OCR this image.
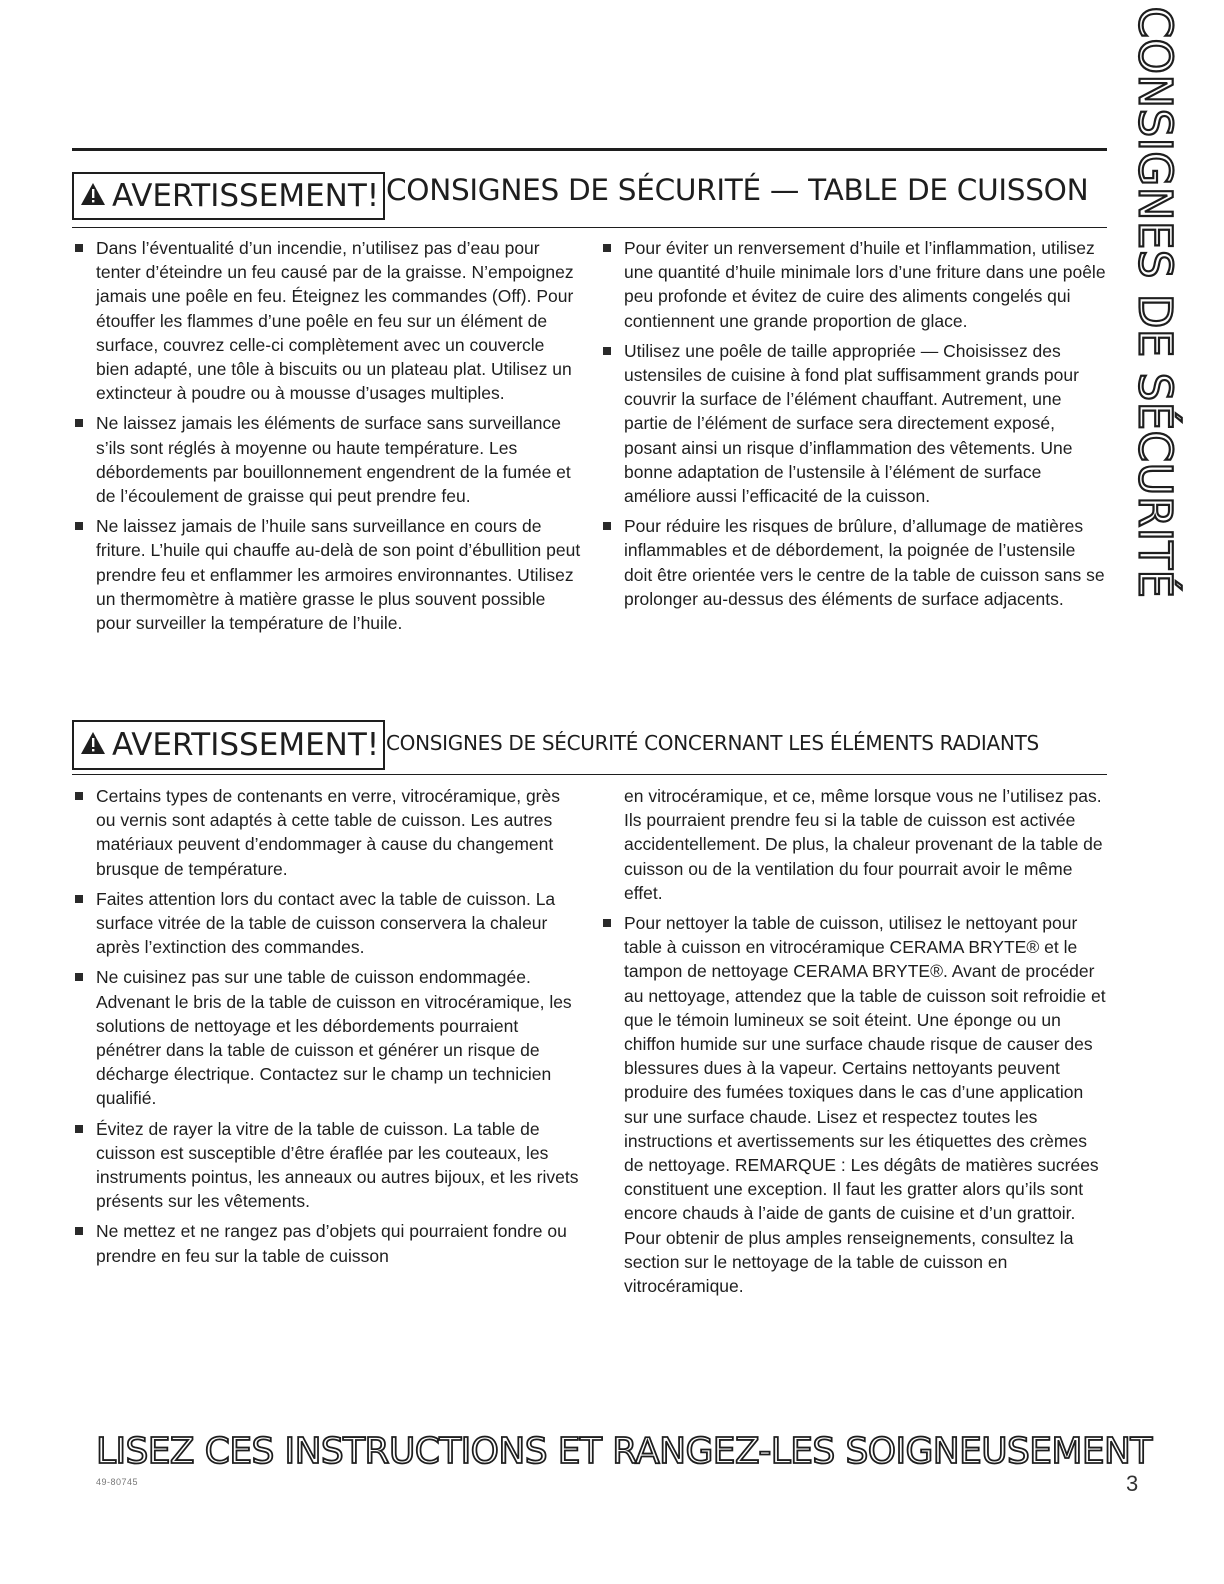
CONSIGNES DE SÉCURITÉ
AVERTISSEMENT! CONSIGNES DE SÉCURITÉ — TABLE DE CUISSON
Dans l’éventualité d’un incendie, n’utilisez pas d’eau pour tenter d’éteindre un feu causé par de la graisse. N’empoignez jamais une poêle en feu. Éteignez les commandes (Off). Pour étouffer les flammes d’une poêle en feu sur un élément de surface, couvrez celle-ci complètement avec un couvercle bien adapté, une tôle à biscuits ou un plateau plat. Utilisez un extincteur à poudre ou à mousse d’usages multiples.
Ne laissez jamais les éléments de surface sans surveillance s’ils sont réglés à moyenne ou haute température. Les débordements par bouillonnement engendrent de la fumée et de l’écoulement de graisse qui peut prendre feu.
Ne laissez jamais de l’huile sans surveillance en cours de friture. L’huile qui chauffe au-delà de son point d’ébullition peut prendre feu et enflammer les armoires environnantes. Utilisez un thermomètre à matière grasse le plus souvent possible pour surveiller la température de l’huile.
Pour éviter un renversement d’huile et l’inflammation, utilisez une quantité d’huile minimale lors d’une friture dans une poêle peu profonde et évitez de cuire des aliments congelés qui contiennent une grande proportion de glace.
Utilisez une poêle de taille appropriée — Choisissez des ustensiles de cuisine à fond plat suffisamment grands pour couvrir la surface de l’élément chauffant. Autrement, une partie de l’élément de surface sera directement exposé, posant ainsi un risque d’inflammation des vêtements. Une bonne adaptation de l’ustensile à l’élément de surface améliore aussi l’efficacité de la cuisson.
Pour réduire les risques de brûlure, d’allumage de matières inflammables et de débordement, la poignée de l’ustensile doit être orientée vers le centre de la table de cuisson sans se prolonger au-dessus des éléments de surface adjacents.
AVERTISSEMENT! CONSIGNES DE SÉCURITÉ CONCERNANT LES ÉLÉMENTS RADIANTS
Certains types de contenants en verre, vitrocéramique, grès ou vernis sont adaptés à cette table de cuisson. Les autres matériaux peuvent d’endommager à cause du changement brusque de température.
Faites attention lors du contact avec la table de cuisson. La surface vitrée de la table de cuisson conservera la chaleur après l’extinction des commandes.
Ne cuisinez pas sur une table de cuisson endommagée. Advenant le bris de la table de cuisson en vitrocéramique, les solutions de nettoyage et les débordements pourraient pénétrer dans la table de cuisson et générer un risque de décharge électrique. Contactez sur le champ un technicien qualifié.
Évitez de rayer la vitre de la table de cuisson. La table de cuisson est susceptible d’être éraflée par les couteaux, les instruments pointus, les anneaux ou autres bijoux, et les rivets présents sur les vêtements.
Ne mettez et ne rangez pas d’objets qui pourraient fondre ou prendre en feu sur la table de cuisson
en vitrocéramique, et ce, même lorsque vous ne l’utilisez pas. Ils pourraient prendre feu si la table de cuisson est activée accidentellement. De plus, la chaleur provenant de la table de cuisson ou de la ventilation du four pourrait avoir le même effet.
Pour nettoyer la table de cuisson, utilisez le nettoyant pour table à cuisson en vitrocéramique CERAMA BRYTE® et le tampon de nettoyage CERAMA BRYTE®. Avant de procéder au nettoyage, attendez que la table de cuisson soit refroidie et que le témoin lumineux se soit éteint. Une éponge ou un chiffon humide sur une surface chaude risque de causer des blessures dues à la vapeur. Certains nettoyants peuvent produire des fumées toxiques dans le cas d’une application sur une surface chaude. Lisez et respectez toutes les instructions et avertissements sur les étiquettes des crèmes de nettoyage. REMARQUE : Les dégâts de matières sucrées constituent une exception. Il faut les gratter alors qu’ils sont encore chauds à l’aide de gants de cuisine et d’un grattoir. Pour obtenir de plus amples renseignements, consultez la section sur le nettoyage de la table de cuisson en vitrocéramique.
LISEZ CES INSTRUCTIONS ET RANGEZ-LES SOIGNEUSEMENT
49-80745	3
